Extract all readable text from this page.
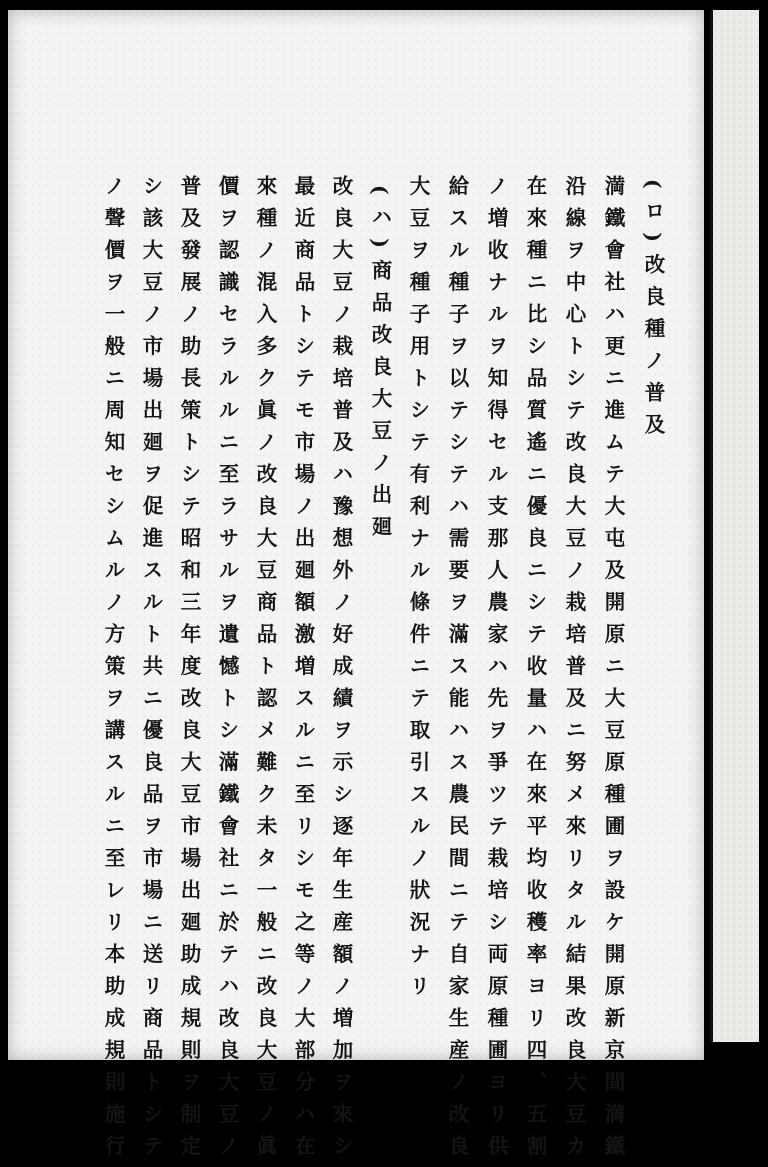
(ロ)改良種ノ普及
満鐵會社ハ更ニ進ムテ大屯及開原ニ大豆原種圃ヲ設ケ開原新京間満鐵
沿線ヲ中心トシテ改良大豆ノ栽培普及ニ努メ來リタル結果改良大豆カ
在來種ニ比シ品質遙ニ優良ニシテ收量ハ在來平均收穫率ヨリ四、五割
ノ増收ナルヲ知得セル支那人農家ハ先ヲ爭ツテ栽培シ両原種圃ヨリ供
給スル種子ヲ以テシテハ需要ヲ滿ス能ハス農民間ニテ自家生産ノ改良
大豆ヲ種子用トシテ有利ナル條件ニテ取引スルノ狀況ナリ
(ハ)商品改良大豆ノ出廻
改良大豆ノ栽培普及ハ豫想外ノ好成績ヲ示シ逐年生産額ノ増加ヲ來シ
最近商品トシテモ市場ノ出廻額激増スルニ至リシモ之等ノ大部分ハ在
來種ノ混入多ク眞ノ改良大豆商品ト認メ難ク未タ一般ニ改良大豆ノ眞
價ヲ認識セラルルニ至ラサルヲ遺憾トシ滿鐵會社ニ於テハ改良大豆ノ
普及發展ノ助長策トシテ昭和三年度改良大豆市場出廻助成規則ヲ制定
シ該大豆ノ市場出廻ヲ促進スルト共ニ優良品ヲ市場ニ送リ商品トシテ
ノ聲價ヲ一般ニ周知セシムルノ方策ヲ講スルニ至レリ本助成規則施行
